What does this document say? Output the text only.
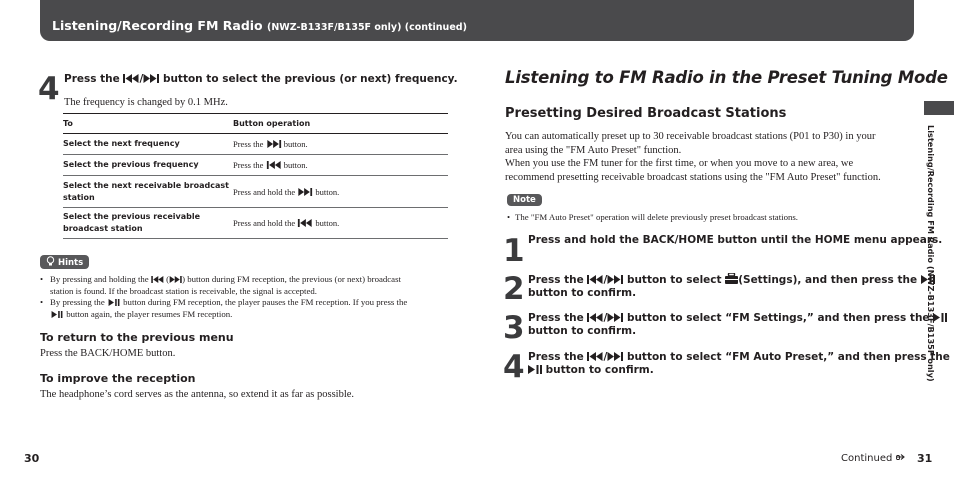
Listening/Recording FM Radio (NWZ-B133F/B135F only) (continued)
4 Press the / button to select the previous (or next) frequency.
The frequency is changed by 0.1 MHz.
To	Button operation
Select the next frequency	Press the button.
Select the previous frequency	Press the button.
Select the next receivable broadcast station	Press and hold the button.
Select the previous receivable broadcast station	Press and hold the button.
Hints
• By pressing and holding the ( ) button during FM reception, the previous (or next) broadcast
station is found. If the broadcast station is receivable, the signal is accepted.
• By pressing the button during FM reception, the player pauses the FM reception. If you press the
button again, the player resumes FM reception.
To return to the previous menu
Press the BACK/HOME button.
To improve the reception
The headphone’s cord serves as the antenna, so extend it as far as possible.
30
Listening to FM Radio in the Preset Tuning Mode
Presetting Desired Broadcast Stations
You can automatically preset up to 30 receivable broadcast stations (P01 to P30) in your
area using the "FM Auto Preset" function.
When you use the FM tuner for the first time, or when you move to a new area, we
recommend presetting receivable broadcast stations using the "FM Auto Preset" function.
Note
• The "FM Auto Preset" operation will delete previously preset broadcast stations.
1 Press and hold the BACK/HOME button until the HOME menu appears.
2 Press the / button to select (Settings), and then press the
button to confirm.
3 Press the / button to select “FM Settings,” and then press the
button to confirm.
4 Press the / button to select “FM Auto Preset,” and then press the
button to confirm.
Continued	31
Listening/Recording FM Radio (NWZ-B133F/B135F only)
